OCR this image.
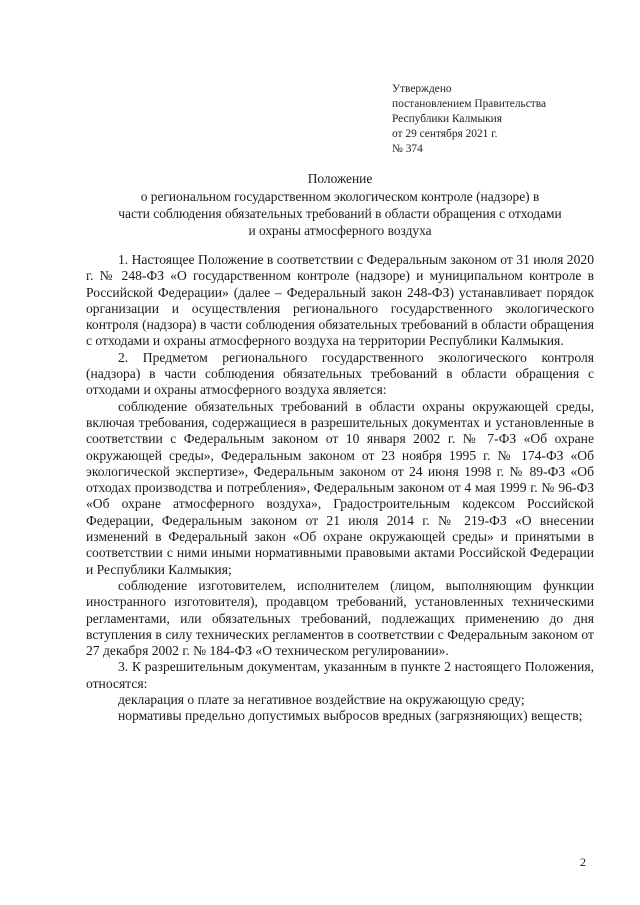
Утверждено
постановлением Правительства
Республики Калмыкия
от 29 сентября 2021 г.
№ 374
Положение
о региональном государственном экологическом контроле (надзоре) в
части соблюдения обязательных требований в области обращения с отходами
и охраны атмосферного воздуха

1. Настоящее Положение в соответствии с Федеральным законом от 31 июля 2020 г. № 248-ФЗ «О государственном контроле (надзоре) и муниципальном контроле в Российской Федерации» (далее – Федеральный закон 248-ФЗ) устанавливает порядок организации и осуществления регионального государственного экологического контроля (надзора) в части соблюдения обязательных требований в области обращения с отходами и охраны атмосферного воздуха на территории Республики Калмыкия.

2. Предметом регионального государственного экологического контроля (надзора) в части соблюдения обязательных требований в области обращения с отходами и охраны атмосферного воздуха является:

соблюдение обязательных требований в области охраны окружающей среды, включая требования, содержащиеся в разрешительных документах и установленные в соответствии с Федеральным законом от 10 января 2002 г. № 7-ФЗ «Об охране окружающей среды», Федеральным законом от 23 ноября 1995 г. № 174-ФЗ «Об экологической экспертизе», Федеральным законом от 24 июня 1998 г. № 89-ФЗ «Об отходах производства и потребления», Федеральным законом от 4 мая 1999 г. № 96-ФЗ «Об охране атмосферного воздуха», Градостроительным кодексом Российской Федерации, Федеральным законом от 21 июля 2014 г. № 219-ФЗ «О внесении изменений в Федеральный закон «Об охране окружающей среды» и принятыми в соответствии с ними иными нормативными правовыми актами Российской Федерации и Республики Калмыкия;

соблюдение изготовителем, исполнителем (лицом, выполняющим функции иностранного изготовителя), продавцом требований, установленных техническими регламентами, или обязательных требований, подлежащих применению до дня вступления в силу технических регламентов в соответствии с Федеральным законом от 27 декабря 2002 г. № 184-ФЗ «О техническом регулировании».

3. К разрешительным документам, указанным в пункте 2 настоящего Положения, относятся:

декларация о плате за негативное воздействие на окружающую среду;

нормативы предельно допустимых выбросов вредных (загрязняющих) веществ;

2
